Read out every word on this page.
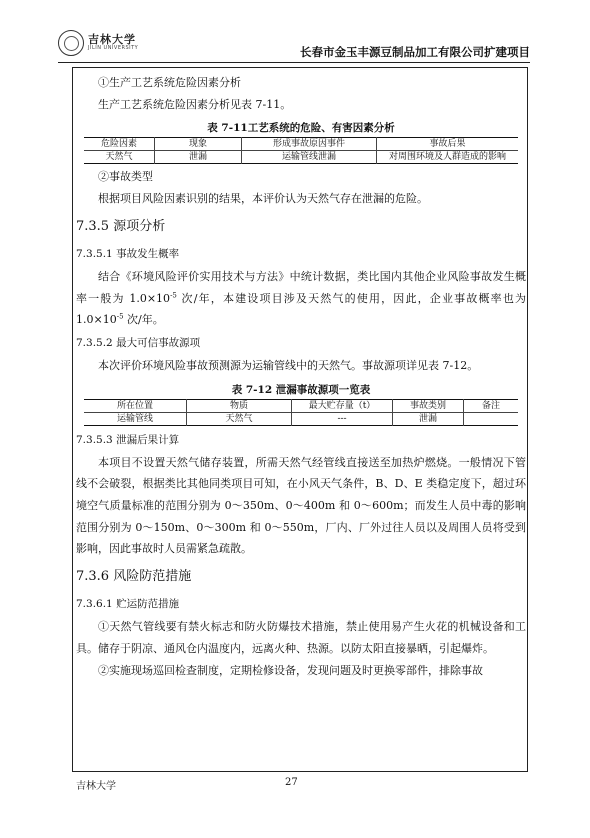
吉林大学
JILIN UNIVERSITY	长春市金玉丰源豆制品加工有限公司扩建项目

①生产工艺系统危险因素分析

生产工艺系统危险因素分析见表 7-11。

表 7-11工艺系统的危险、有害因素分析
危险因素	现象	形成事故原因事件	事故后果
天然气	泄漏	运输管线泄漏	对周围环境及人群造成的影响

②事故类型

根据项目风险因素识别的结果，本评价认为天然气存在泄漏的危险。

7.3.5 源项分析
7.3.5.1 事故发生概率

结合《环境风险评价实用技术与方法》中统计数据，类比国内其他企业风险事故发生概率一般为 $1.0\times 10^{-5}$ 次/年，本建设项目涉及天然气的使用，因此，企业事故概率也为 $1.0\times 10^{-5}$ 次/年。

7.3.5.2 最大可信事故源项

本次评价环境风险事故预测源为运输管线中的天然气。事故源项详见表 7-12。

表 7-12 泄漏事故源项一览表
所在位置	物质	最大贮存量（t）	事故类别	备注
运输管线	天然气	---	泄漏	
7.3.5.3 泄漏后果计算

本项目不设置天然气储存装置，所需天然气经管线直接送至加热炉燃烧。一般情况下管线不会破裂，根据类比其他同类项目可知，在小风天气条件，B、D、E 类稳定度下，超过环境空气质量标准的范围分别为 0～350m、0～400m 和 0～600m；而发生人员中毒的影响范围分别为 0～150m、0～300m 和 0～550m，厂内、厂外过往人员以及周围人员将受到影响，因此事故时人员需紧急疏散。

7.3.6 风险防范措施
7.3.6.1 贮运防范措施

①天然气管线要有禁火标志和防火防爆技术措施，禁止使用易产生火花的机械设备和工具。储存于阴凉、通风仓内温度内，远离火种、热源。以防太阳直接暴晒，引起爆炸。

②实施现场巡回检查制度，定期检修设备，发现问题及时更换零部件，排除事故

吉林大学	27
